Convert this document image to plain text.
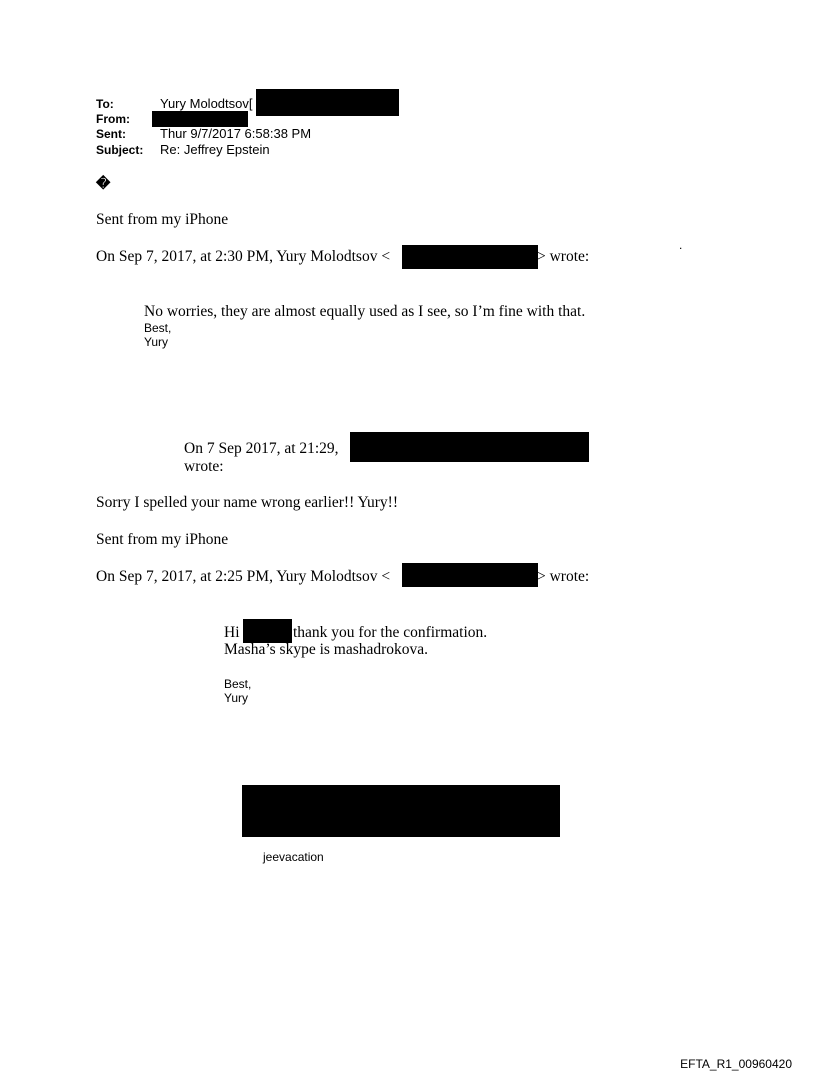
To:	Yury Molodtsov[
From:
Sent:	Thur 9/7/2017 6:58:38 PM
Subject: Re: Jeffrey Epstein
�
Sent from my iPhone
On Sep 7, 2017, at 2:30 PM, Yury Molodtsov <	> wrote:
.
No worries, they are almost equally used as I see, so I’m fine with that.
Best,
Yury
On 7 Sep 2017, at 21:29,
wrote:
Sorry I spelled your name wrong earlier!! Yury!!
Sent from my iPhone
On Sep 7, 2017, at 2:25 PM, Yury Molodtsov <	> wrote:
Hi	thank you for the confirmation.
Masha’s skype is mashadrokova.
Best,
Yury
jeevacation
EFTA_R1_00960420
